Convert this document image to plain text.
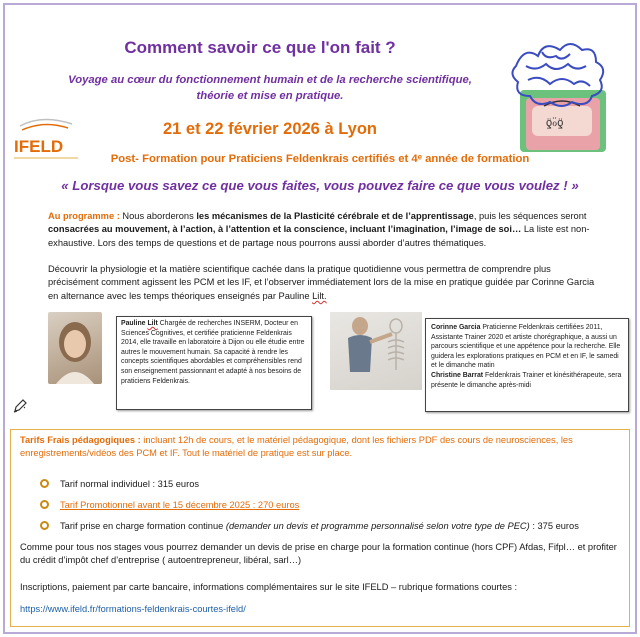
ƍ̈ℴ̈ƍ̈
Comment savoir ce que l'on fait ?
Voyage au cœur du fonctionnement humain et de la recherche scientifique,
théorie et mise en pratique.
IFELD
21 et 22 février 2026 à Lyon
Post- Formation pour Praticiens Feldenkrais certifiés et 4ᵉ année de formation
« Lorsque vous savez ce que vous faites, vous pouvez faire ce que vous voulez ! »
Au programme : Nous aborderons les mécanismes de la Plasticité cérébrale et de l’apprentissage, puis les séquences seront consacrées au mouvement, à l’action, à l’attention et la conscience, incluant l’imagination, l’image de soi… La liste est non-exhaustive. Lors des temps de questions et de partage nous pourrons aussi aborder d’autres thématiques.
Découvrir la physiologie et la matière scientifique cachée dans la pratique quotidienne vous permettra de comprendre plus précisément comment agissent les PCM et les IF, et l’observer immédiatement lors de la mise en pratique guidée par Corinne Garcia en alternance avec les temps théoriques enseignés par Pauline Lilt.
Pauline Lilt Chargée de recherches INSERM, Docteur en Sciences Cognitives, et certifiée praticienne Feldenkrais 2014, elle travaille en laboratoire à Dijon ou elle étudie entre autres le mouvement humain. Sa capacité à rendre les concepts scientifiques abordables et compréhensibles rend son enseignement passionnant et adapté à nos besoins de praticiens Feldenkrais.
Corinne Garcia Praticienne Feldenkrais certifiées 2011, Assistante Trainer 2020 et artiste chorégraphique, a aussi un parcours scientifique et une appétence pour la recherche. Elle guidera les explorations pratiques en PCM et en IF, le samedi et le dimanche matin
Christine Barrat Feldenkrais Trainer et kinésithérapeute, sera présente le dimanche après-midi
Tarifs Frais pédagogiques : incluant 12h de cours, et le matériel pédagogique, dont les fichiers PDF des cours de neurosciences, les enregistrements/vidéos des PCM et IF. Tout le matériel de pratique est sur place.
Tarif normal individuel : 315 euros
Tarif Promotionnel avant le 15 décembre 2025 : 270 euros
Tarif prise en charge formation continue (demander un devis et programme personnalisé selon votre type de PEC) : 375 euros
Comme pour tous nos stages vous pourrez demander un devis de prise en charge pour la formation continue (hors CPF) Afdas, Fifpl… et profiter du crédit d’impôt chef d’entreprise ( autoentrepreneur, libéral, sarl…)
Inscriptions, paiement par carte bancaire, informations complémentaires sur le site IFELD – rubrique formations courtes :
https://www.ifeld.fr/formations-feldenkrais-courtes-ifeld/
